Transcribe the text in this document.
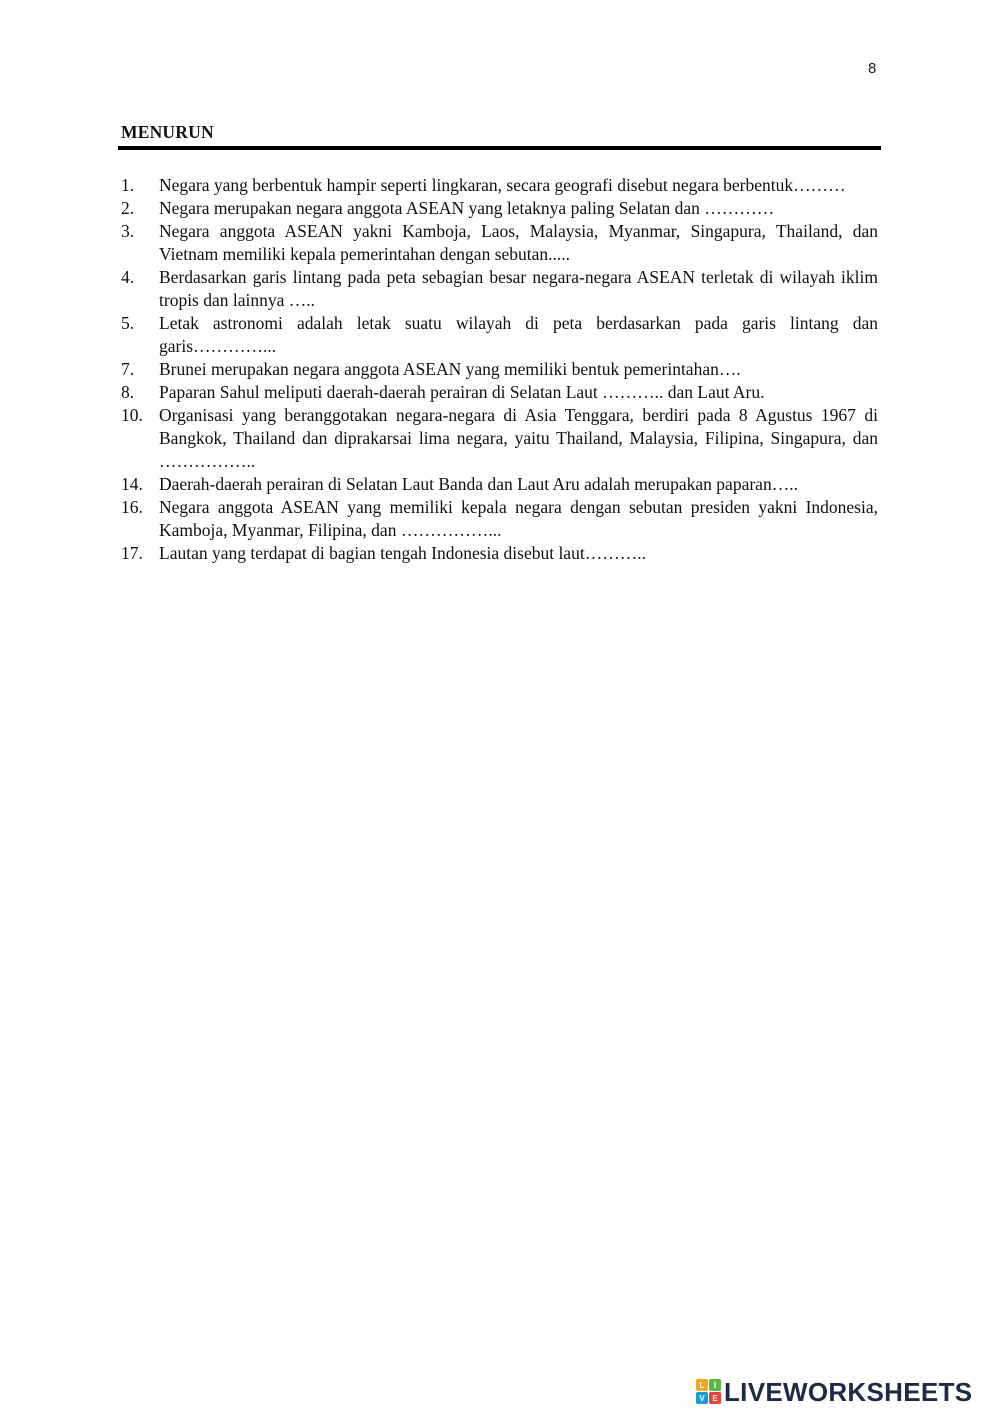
8
MENURUN
1.	Negara yang berbentuk hampir seperti lingkaran, secara geografi disebut negara berbentuk………
2.	Negara merupakan negara anggota ASEAN yang letaknya paling Selatan dan …………
3.	Negara anggota ASEAN yakni Kamboja, Laos, Malaysia, Myanmar, Singapura, Thailand, dan Vietnam memiliki kepala pemerintahan dengan sebutan.....
4.	Berdasarkan garis lintang pada peta sebagian besar negara-negara ASEAN terletak di wilayah iklim tropis dan lainnya …..
5.	Letak astronomi adalah letak suatu wilayah di peta berdasarkan pada garis lintang dan garis…………...
7.	Brunei merupakan negara anggota ASEAN yang memiliki bentuk pemerintahan….
8.	Paparan Sahul meliputi daerah-daerah perairan di Selatan Laut ……….. dan Laut Aru.
10. Organisasi yang beranggotakan negara-negara di Asia Tenggara, berdiri pada 8 Agustus 1967 di Bangkok, Thailand dan diprakarsai lima negara, yaitu Thailand, Malaysia, Filipina, Singapura, dan ……………..
14. Daerah-daerah perairan di Selatan Laut Banda dan Laut Aru adalah merupakan paparan…..
16. Negara anggota ASEAN yang memiliki kepala negara dengan sebutan presiden yakni Indonesia, Kamboja, Myanmar, Filipina, dan ……………...
17. Lautan yang terdapat di bagian tengah Indonesia disebut laut………..
L	I
V E LIVEWORKSHEETS
